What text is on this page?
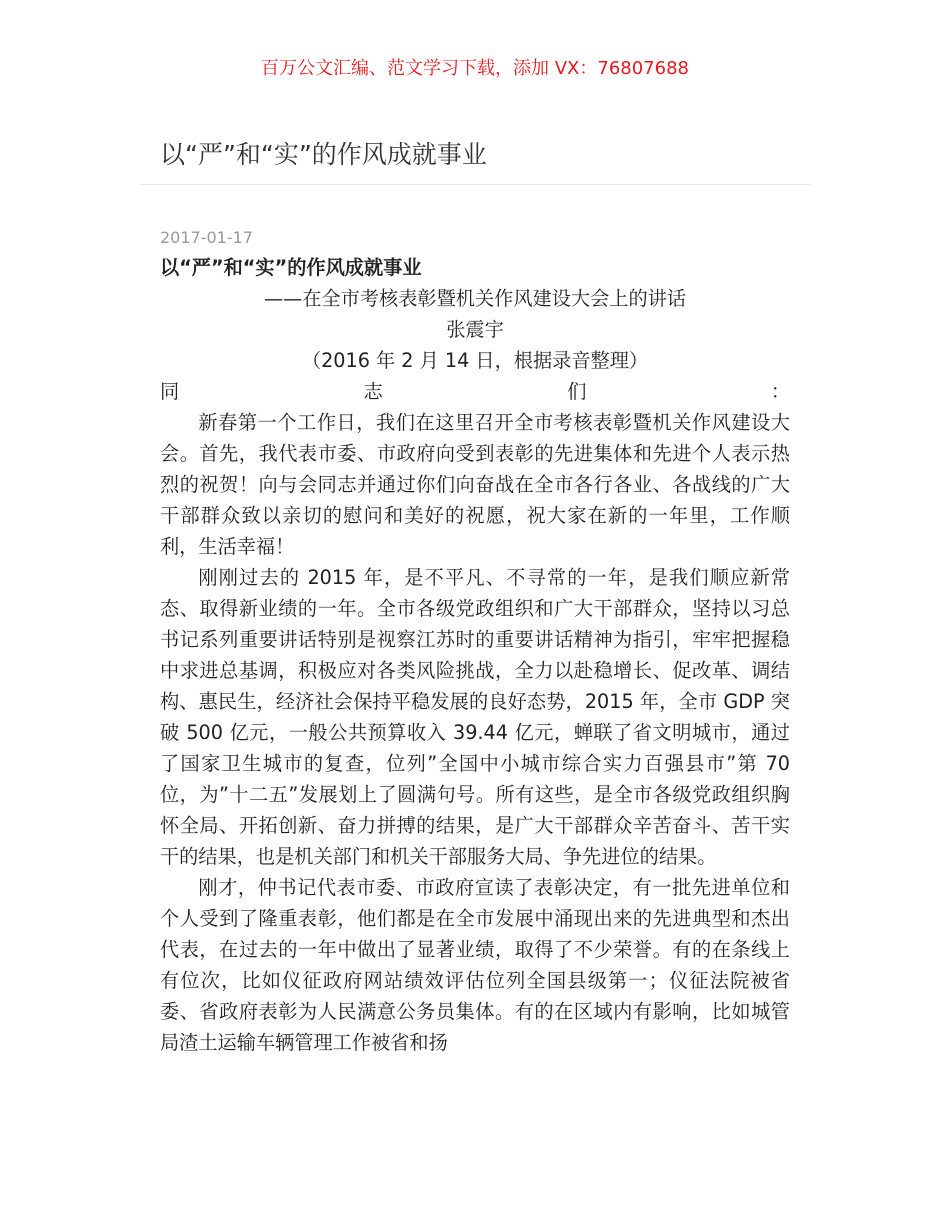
百万公文汇编、范文学习下载，添加 VX：76807688
以“严”和“实”的作风成就事业
2017-01-17

以“严”和“实”的作风成就事业

——在全市考核表彰暨机关作风建设大会上的讲话

张震宇

（2016 年 2 月 14 日，根据录音整理）

同志们：

新春第一个工作日，我们在这里召开全市考核表彰暨机关作风建设大会。首先，我代表市委、市政府向受到表彰的先进集体和先进个人表示热烈的祝贺！向与会同志并通过你们向奋战在全市各行各业、各战线的广大干部群众致以亲切的慰问和美好的祝愿，祝大家在新的一年里，工作顺利，生活幸福！

刚刚过去的 2015 年，是不平凡、不寻常的一年，是我们顺应新常态、取得新业绩的一年。全市各级党政组织和广大干部群众，坚持以习总书记系列重要讲话特别是视察江苏时的重要讲话精神为指引，牢牢把握稳中求进总基调，积极应对各类风险挑战，全力以赴稳增长、促改革、调结构、惠民生，经济社会保持平稳发展的良好态势，2015 年，全市 GDP 突破 500 亿元，一般公共预算收入 39.44 亿元，蝉联了省文明城市，通过了国家卫生城市的复查，位列”全国中小城市综合实力百强县市”第 70 位，为”十二五”发展划上了圆满句号。所有这些，是全市各级党政组织胸怀全局、开拓创新、奋力拼搏的结果，是广大干部群众辛苦奋斗、苦干实干的结果，也是机关部门和机关干部服务大局、争先进位的结果。

刚才，仲书记代表市委、市政府宣读了表彰决定，有一批先进单位和个人受到了隆重表彰，他们都是在全市发展中涌现出来的先进典型和杰出代表，在过去的一年中做出了显著业绩，取得了不少荣誉。有的在条线上有位次，比如仪征政府网站绩效评估位列全国县级第一；仪征法院被省委、省政府表彰为人民满意公务员集体。有的在区域内有影响，比如城管局渣土运输车辆管理工作被省和扬
